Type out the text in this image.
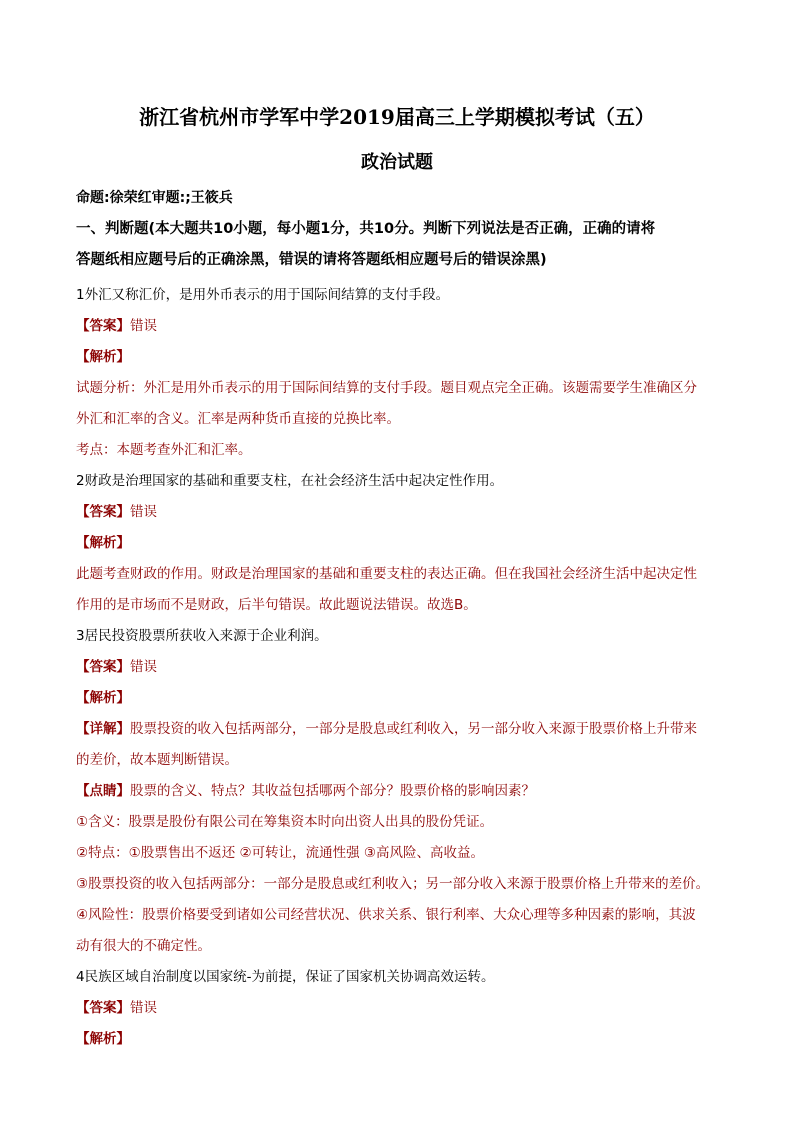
浙江省杭州市学军中学2019届高三上学期模拟考试（五）
政治试题
命题:徐荣红审题:;王筱兵
一、判断题(本大题共10小题，每小题1分，共10分。判断下列说法是否正确，正确的请将
答题纸相应题号后的正确涂黑，错误的请将答题纸相应题号后的错误涂黑)
1外汇又称汇价，是用外币表示的用于国际间结算的支付手段。
【答案】错误
【解析】
试题分析：外汇是用外币表示的用于国际间结算的支付手段。题目观点完全正确。该题需要学生准确区分
外汇和汇率的含义。汇率是两种货币直接的兑换比率。
考点：本题考查外汇和汇率。
2财政是治理国家的基础和重要支柱，在社会经济生活中起决定性作用。
【答案】错误
【解析】
此题考查财政的作用。财政是治理国家的基础和重要支柱的表达正确。但在我国社会经济生活中起决定性
作用的是市场而不是财政，后半句错误。故此题说法错误。故选B。
3居民投资股票所获收入来源于企业利润。
【答案】错误
【解析】
【详解】股票投资的收入包括两部分，一部分是股息或红利收入，另一部分收入来源于股票价格上升带来
的差价，故本题判断错误。
【点睛】股票的含义、特点？其收益包括哪两个部分？股票价格的影响因素？
①含义：股票是股份有限公司在筹集资本时向出资人出具的股份凭证。
②特点：①股票售出不返还 ②可转让，流通性强 ③高风险、高收益。
③股票投资的收入包括两部分：一部分是股息或红利收入；另一部分收入来源于股票价格上升带来的差价。
④风险性：股票价格要受到诸如公司经营状况、供求关系、银行利率、大众心理等多种因素的影响，其波
动有很大的不确定性。
4民族区域自治制度以国家统-为前提，保证了国家机关协调高效运转。
【答案】错误
【解析】
